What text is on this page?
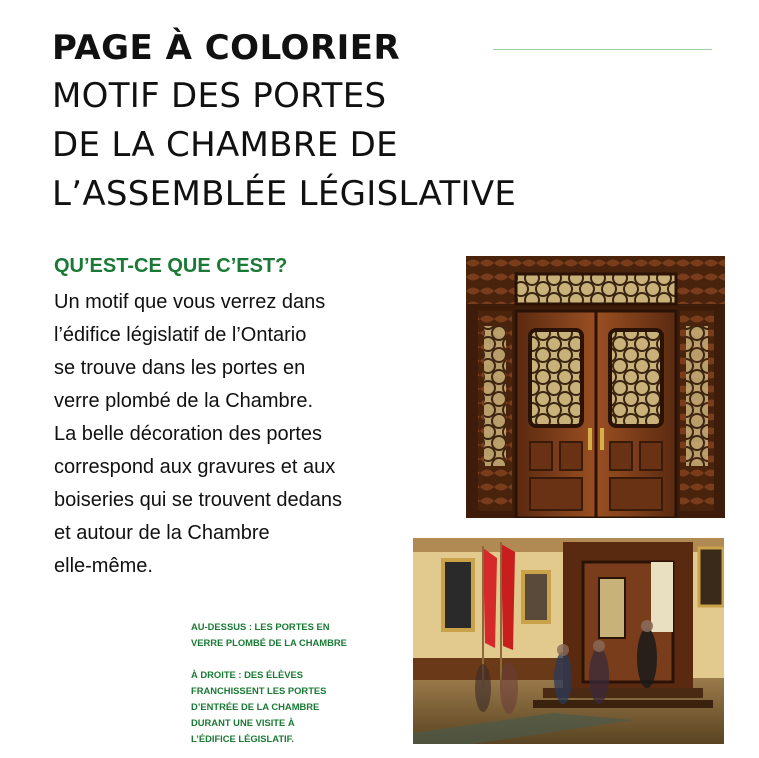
PAGE À COLORIER
MOTIF DES PORTES
DE LA CHAMBRE DE
L’ASSEMBLÉE LÉGISLATIVE
QU’EST-CE QUE C’EST?
Un motif que vous verrez dans
l’édifice législatif de l’Ontario
se trouve dans les portes en
verre plombé de la Chambre.
La belle décoration des portes
correspond aux gravures et aux
boiseries qui se trouvent dedans
et autour de la Chambre
elle-même.
AU-DESSUS : LES PORTES EN
VERRE PLOMBÉ DE LA CHAMBRE
À DROITE : DES ÉLÈVES
FRANCHISSENT LES PORTES
D’ENTRÉE DE LA CHAMBRE
DURANT UNE VISITE À
L’ÉDIFICE LÉGISLATIF.
